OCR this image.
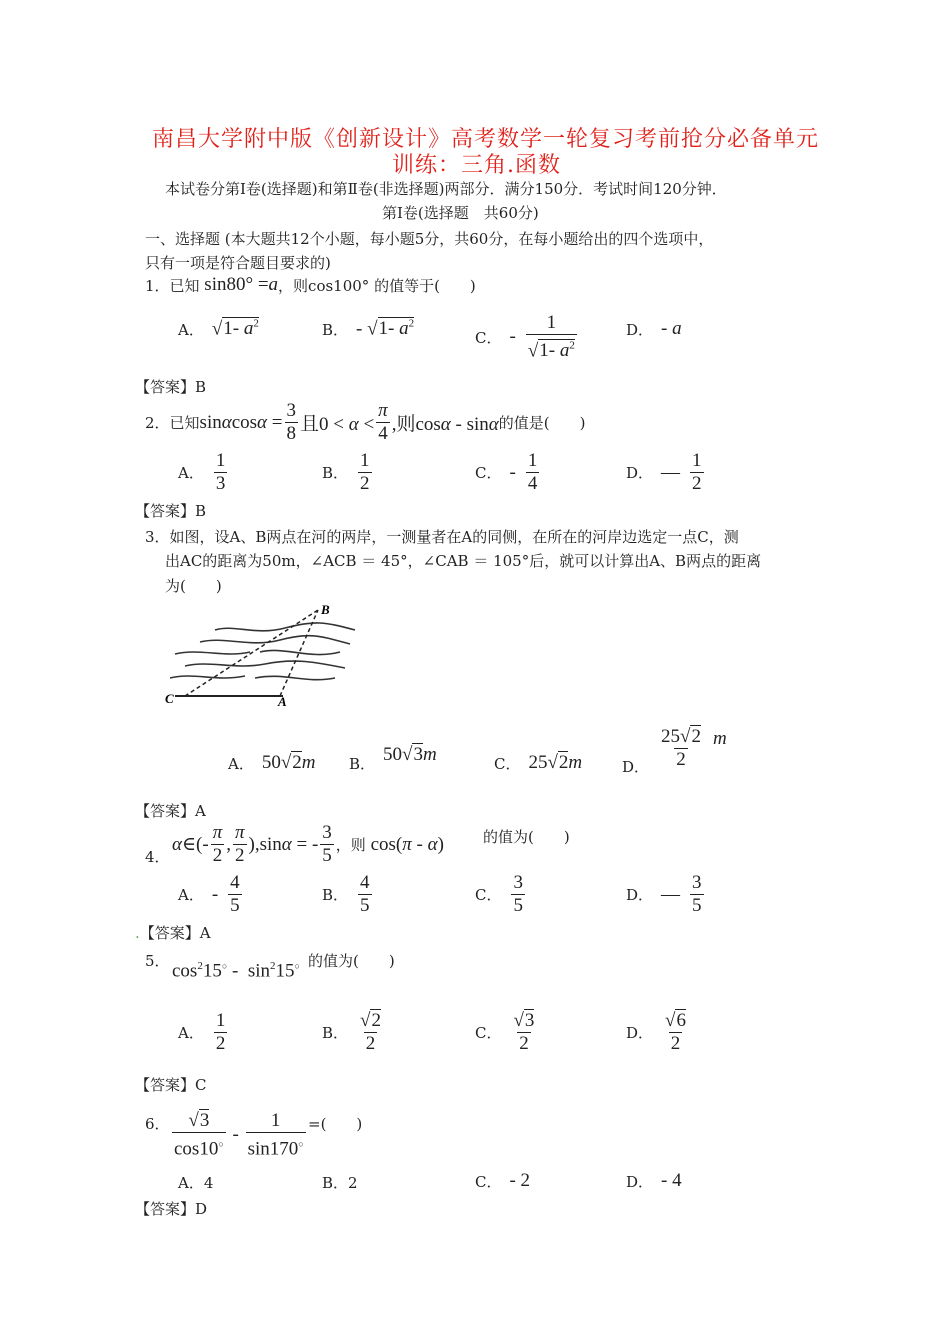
南昌大学附中版《创新设计》高考数学一轮复习考前抢分必备单元
训练：三角.函数
本试卷分第Ⅰ卷(选择题)和第Ⅱ卷(非选择题)两部分．满分150分．考试时间120分钟．
第Ⅰ卷(选择题　共60分)
一、选择题 (本大题共12个小题，每小题5分，共60分，在每小题给出的四个选项中，
只有一项是符合题目要求的)
1．已知 sin80° =a ，则cos100° 的值等于(　　)
A． √1- $a^2$	B． - √1- $a^2$
C． - $\frac{1}{√1- a^2}$	D． - a
【答案】B
2．已知 $\sin\alpha\cos\alpha = \frac{3}{8}$ 且$0 < \alpha < \frac{\pi}{4}$ ,则cosα - sinα 的值是(　　)
A． $\frac{1}{3}$	B． $\frac{1}{2}$	C． - $\frac{1}{4}$	D． — $\frac{1}{2}$
【答案】B
3．如图，设A、B两点在河的两岸，一测量者在A的同侧，在所在的河岸边选定一点C，测
出AC的距离为50m，∠ACB ＝ 45°，∠CAB ＝ 105°后，就可以计算出A、B两点的距离
为(　　)
B
C	A
A． 50√2m B． 50√3m	C． 25√2m	D． $\frac{25√2}{2}$ m
【答案】A
4．
α∈(- $\frac{\pi}{2}$ , $\frac{\pi}{2} ),\sin\alpha$ = - $\frac{3}{5}$ ，则 cos(π - α)	的值为(　　)
A． - $\frac{4}{5}$	B． $\frac{4}{5}$	C． $\frac{3}{5}$	D． — $\frac{3}{5}$
.【答案】A
5． $\cos^215^○ - \sin^215^○$ 的值为(　　)
A． $\frac{1}{2}$	B． $\frac{√2}{2}$	C． $\frac{√3}{2}$	D． $\frac{√6}{2}$
【答案】C
6． $\frac{√3}{\cos 10^○} - \frac{1}{\sin 170^○}$ =(　　)
A．4	B．2	C． - 2	D． - 4
【答案】D
